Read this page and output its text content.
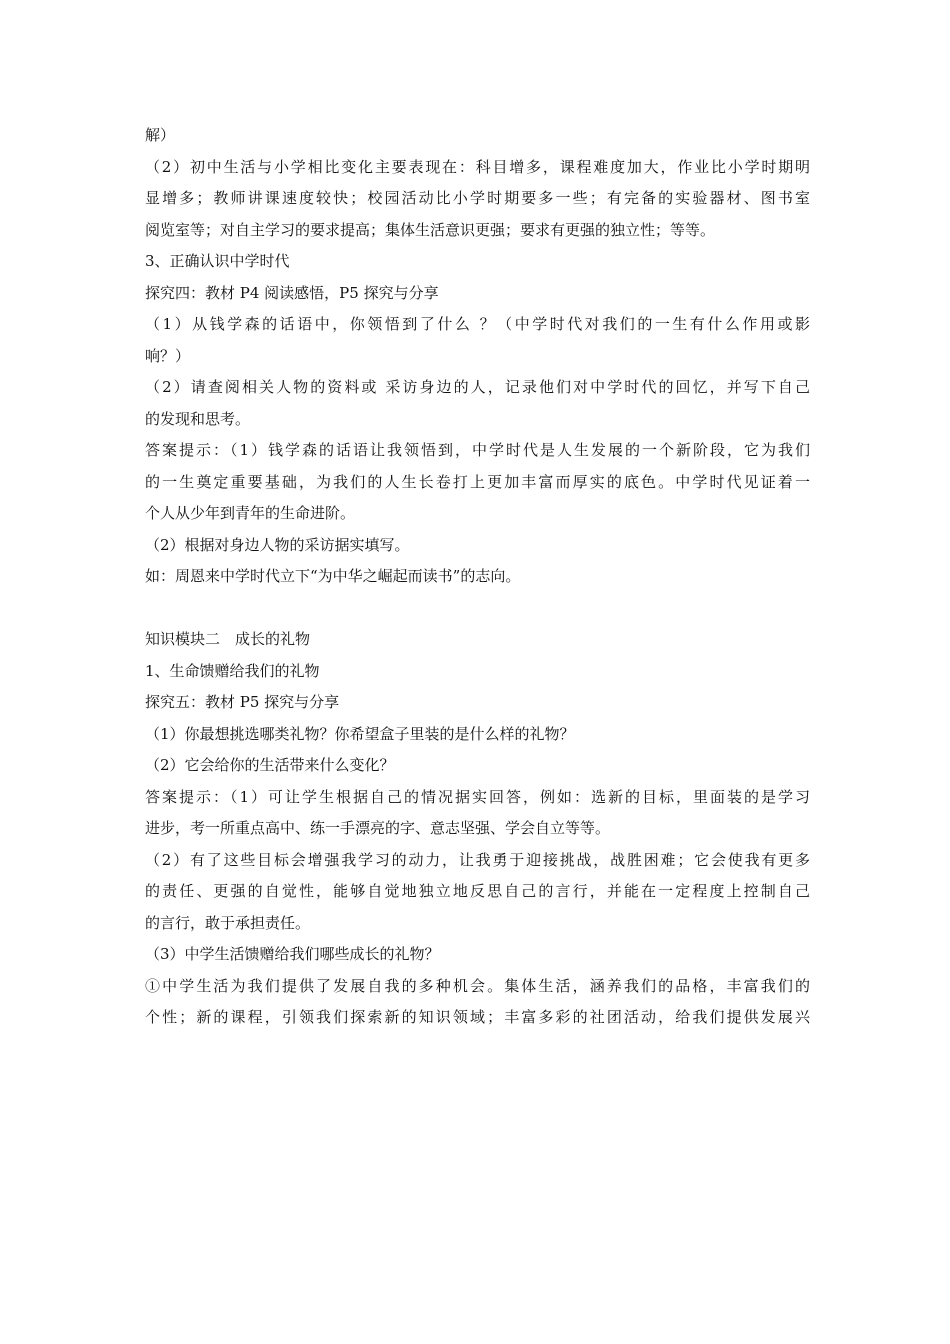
解）
（2）初中生活与小学相比变化主要表现在：科目增多，课程难度加大，作业比小学时期明
显增多；教师讲课速度较快；校园活动比小学时期要多一些；有完备的实验器材、图书室
阅览室等；对自主学习的要求提高；集体生活意识更强；要求有更强的独立性；等等。
3、正确认识中学时代
探究四：教材 P4 阅读感悟，P5 探究与分享
（1）从钱学森的话语中，你领悟到了什么 ？（中学时代对我们的一生有什么作用或影
响？）
（2）请查阅相关人物的资料或 采访身边的人，记录他们对中学时代的回忆，并写下自己
的发现和思考。
答案提示：（1）钱学森的话语让我领悟到，中学时代是人生发展的一个新阶段，它为我们
的一生奠定重要基础，为我们的人生长卷打上更加丰富而厚实的底色。中学时代见证着一
个人从少年到青年的生命进阶。
（2）根据对身边人物的采访据实填写。
如：周恩来中学时代立下“为中华之崛起而读书”的志向。
知识模块二　成长的礼物
1、生命馈赠给我们的礼物
探究五：教材 P5 探究与分享
（1）你最想挑选哪类礼物？你希望盒子里装的是什么样的礼物？
（2）它会给你的生活带来什么变化？
答案提示：（1）可让学生根据自己的情况据实回答，例如：选新的目标，里面装的是学习
进步，考一所重点高中、练一手漂亮的字、意志坚强、学会自立等等。
（2）有了这些目标会增强我学习的动力，让我勇于迎接挑战，战胜困难；它会使我有更多
的责任、更强的自觉性，能够自觉地独立地反思自己的言行，并能在一定程度上控制自己
的言行，敢于承担责任。
（3）中学生活馈赠给我们哪些成长的礼物？
①中学生活为我们提供了发展自我的多种机会。集体生活，涵养我们的品格，丰富我们的
个性；新的课程，引领我们探索新的知识领域；丰富多彩的社团活动，给我们提供发展兴
